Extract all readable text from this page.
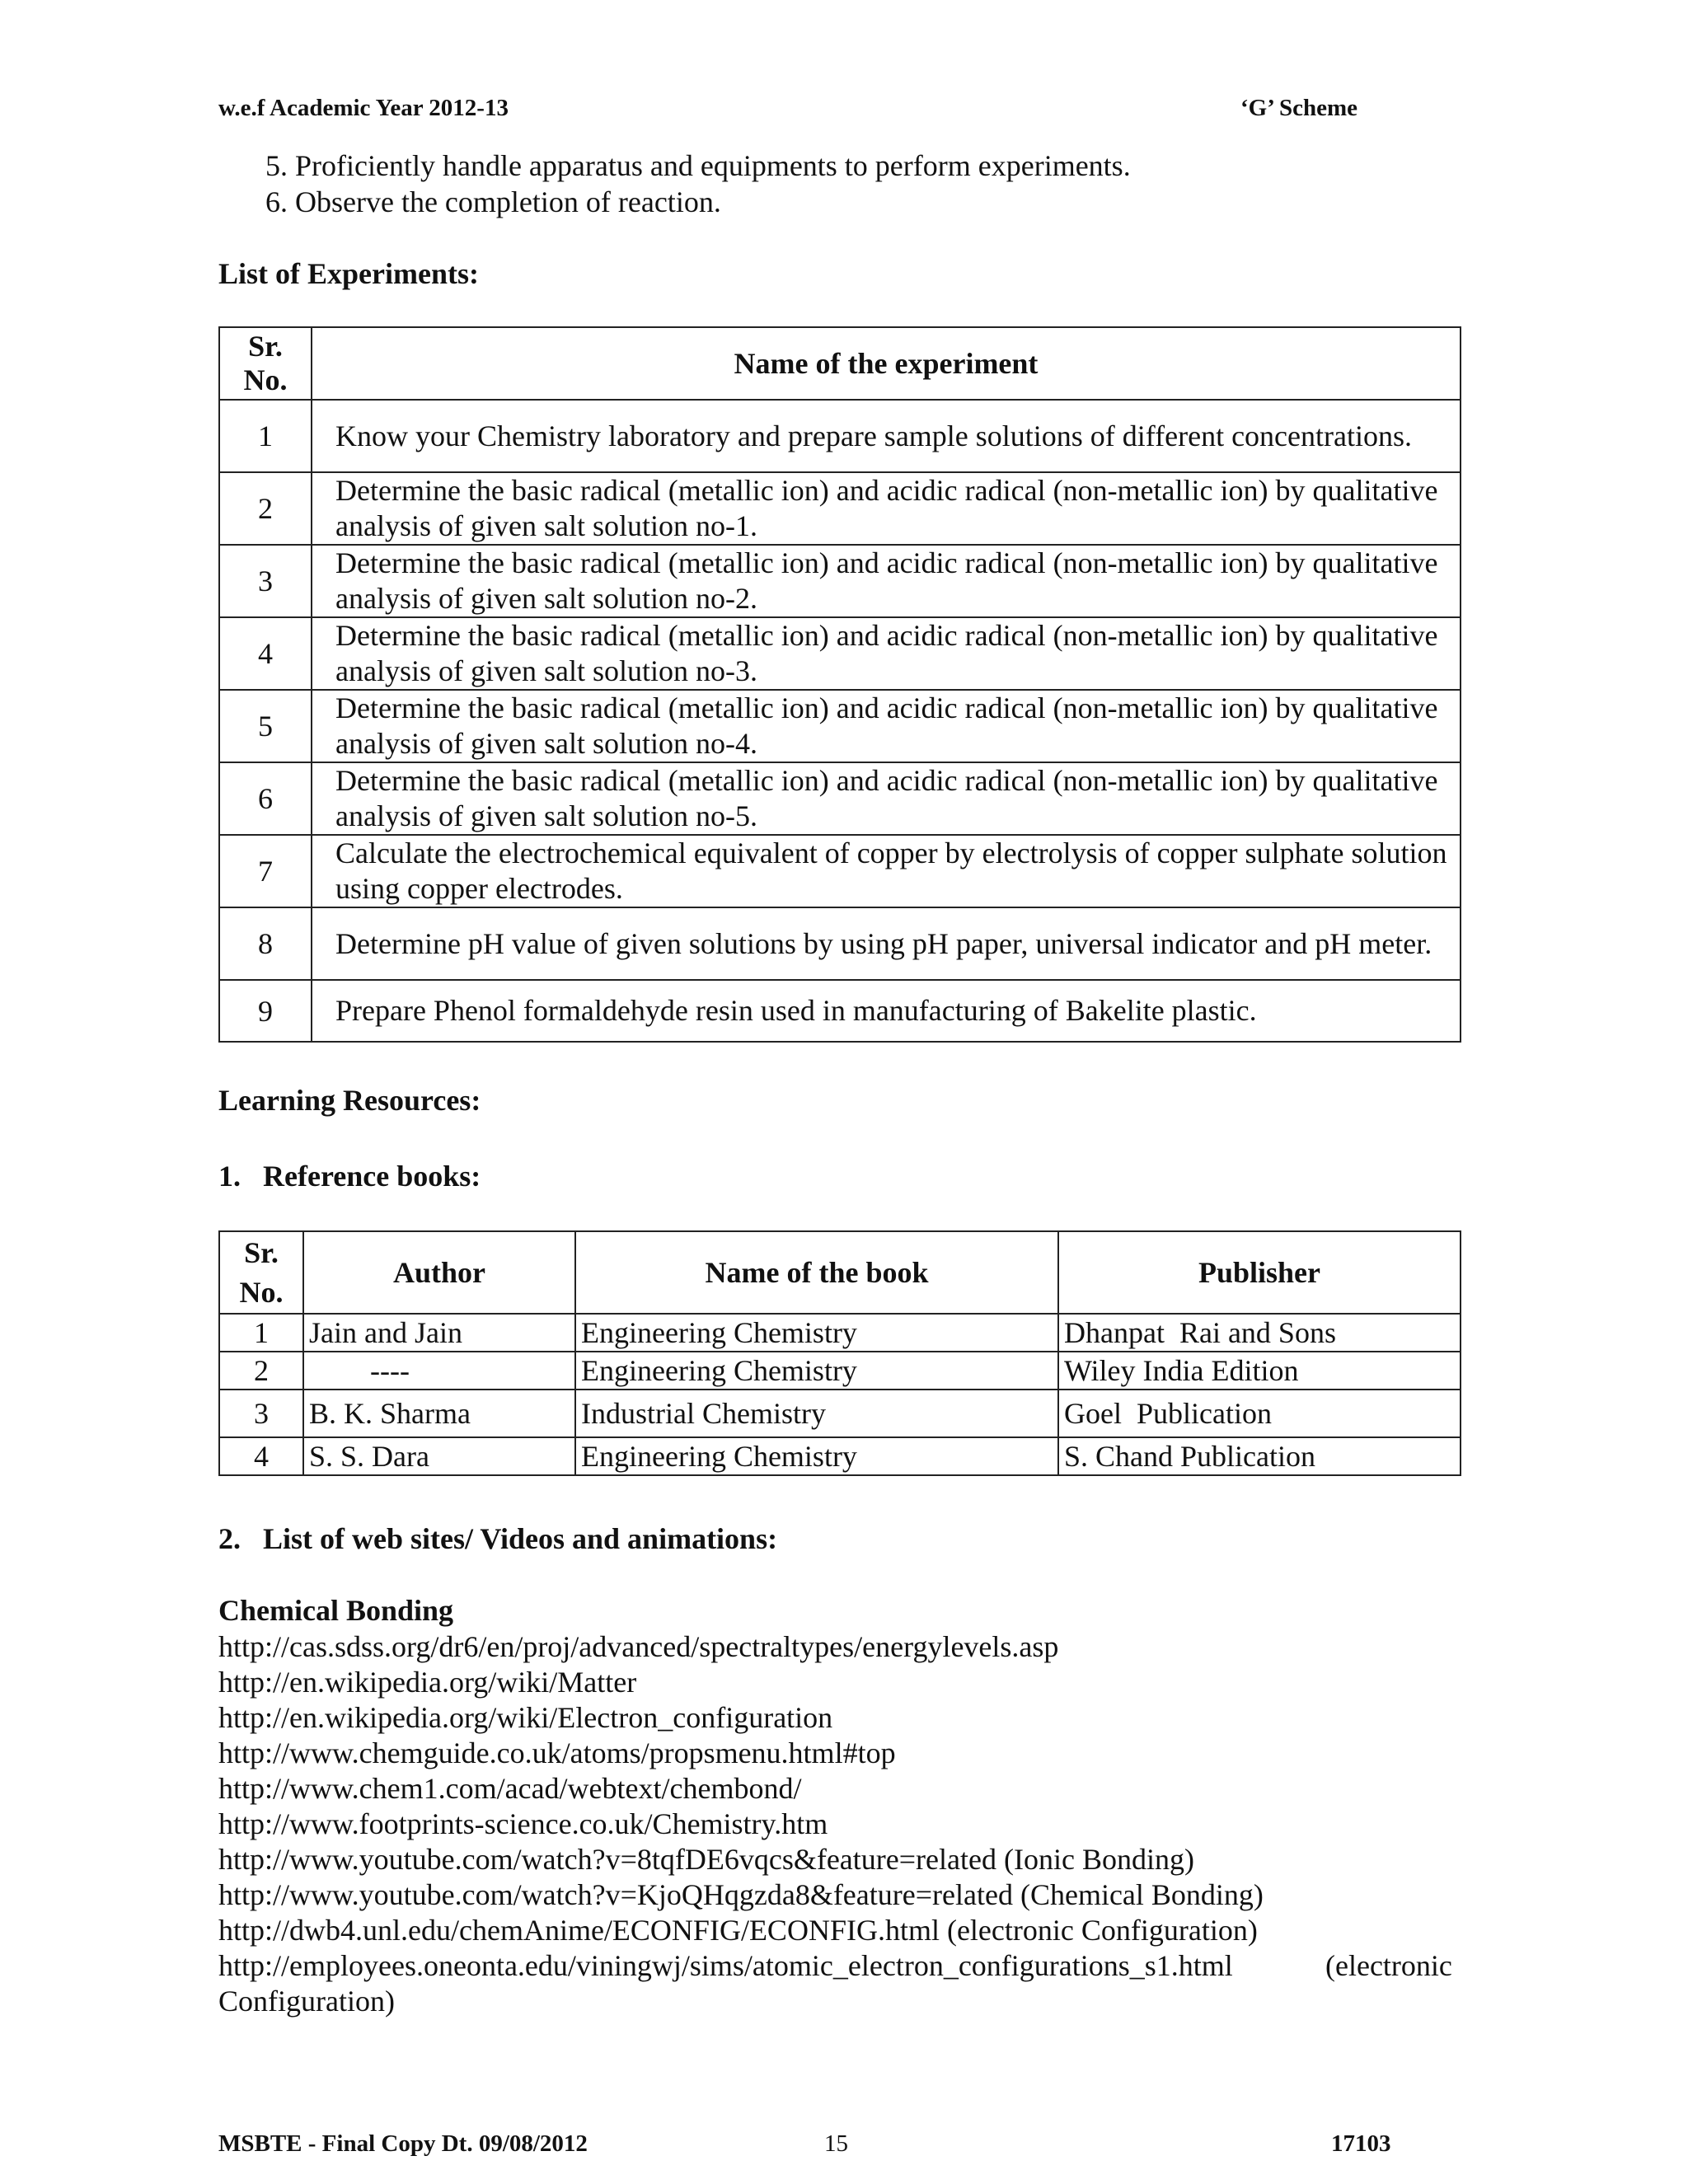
w.e.f Academic Year 2012-13	‘G’ Scheme
5. Proficiently handle apparatus and equipments to perform experiments.
6. Observe the completion of reaction.
List of Experiments:
Sr.
No.	Name of the experiment
1	Know your Chemistry laboratory and prepare sample solutions of different concentrations.
2	Determine the basic radical (metallic ion) and acidic radical (non-metallic ion) by qualitative analysis of given salt solution no-1.
3	Determine the basic radical (metallic ion) and acidic radical (non-metallic ion) by qualitative analysis of given salt solution no-2.
4	Determine the basic radical (metallic ion) and acidic radical (non-metallic ion) by qualitative analysis of given salt solution no-3.
5	Determine the basic radical (metallic ion) and acidic radical (non-metallic ion) by qualitative analysis of given salt solution no-4.
6	Determine the basic radical (metallic ion) and acidic radical (non-metallic ion) by qualitative analysis of given salt solution no-5.
7	Calculate the electrochemical equivalent of copper by electrolysis of copper sulphate solution using copper electrodes.
8	Determine pH value of given solutions by using pH paper, universal indicator and pH meter.
9	Prepare Phenol formaldehyde resin used in manufacturing of Bakelite plastic.
Learning Resources:
1.   Reference books:
Sr.
No.	Author	Name of the book	Publisher
1	Jain and Jain	Engineering Chemistry	Dhanpat  Rai and Sons
2	----	Engineering Chemistry	Wiley India Edition
3	B. K. Sharma	Industrial Chemistry	Goel  Publication
4	S. S. Dara	Engineering Chemistry	S. Chand Publication
2.   List of web sites/ Videos and animations:
Chemical Bonding
http://cas.sdss.org/dr6/en/proj/advanced/spectraltypes/energylevels.asp
http://en.wikipedia.org/wiki/Matter
http://en.wikipedia.org/wiki/Electron_configuration
http://www.chemguide.co.uk/atoms/propsmenu.html#top
http://www.chem1.com/acad/webtext/chembond/
http://www.footprints-science.co.uk/Chemistry.htm
http://www.youtube.com/watch?v=8tqfDE6vqcs&feature=related (Ionic Bonding)
http://www.youtube.com/watch?v=KjoQHqgzda8&feature=related (Chemical Bonding)
http://dwb4.unl.edu/chemAnime/ECONFIG/ECONFIG.html (electronic Configuration)
http://employees.oneonta.edu/viningwj/sims/atomic_electron_configurations_s1.html	(electronic
Configuration)
MSBTE - Final Copy Dt. 09/08/2012	15	17103
